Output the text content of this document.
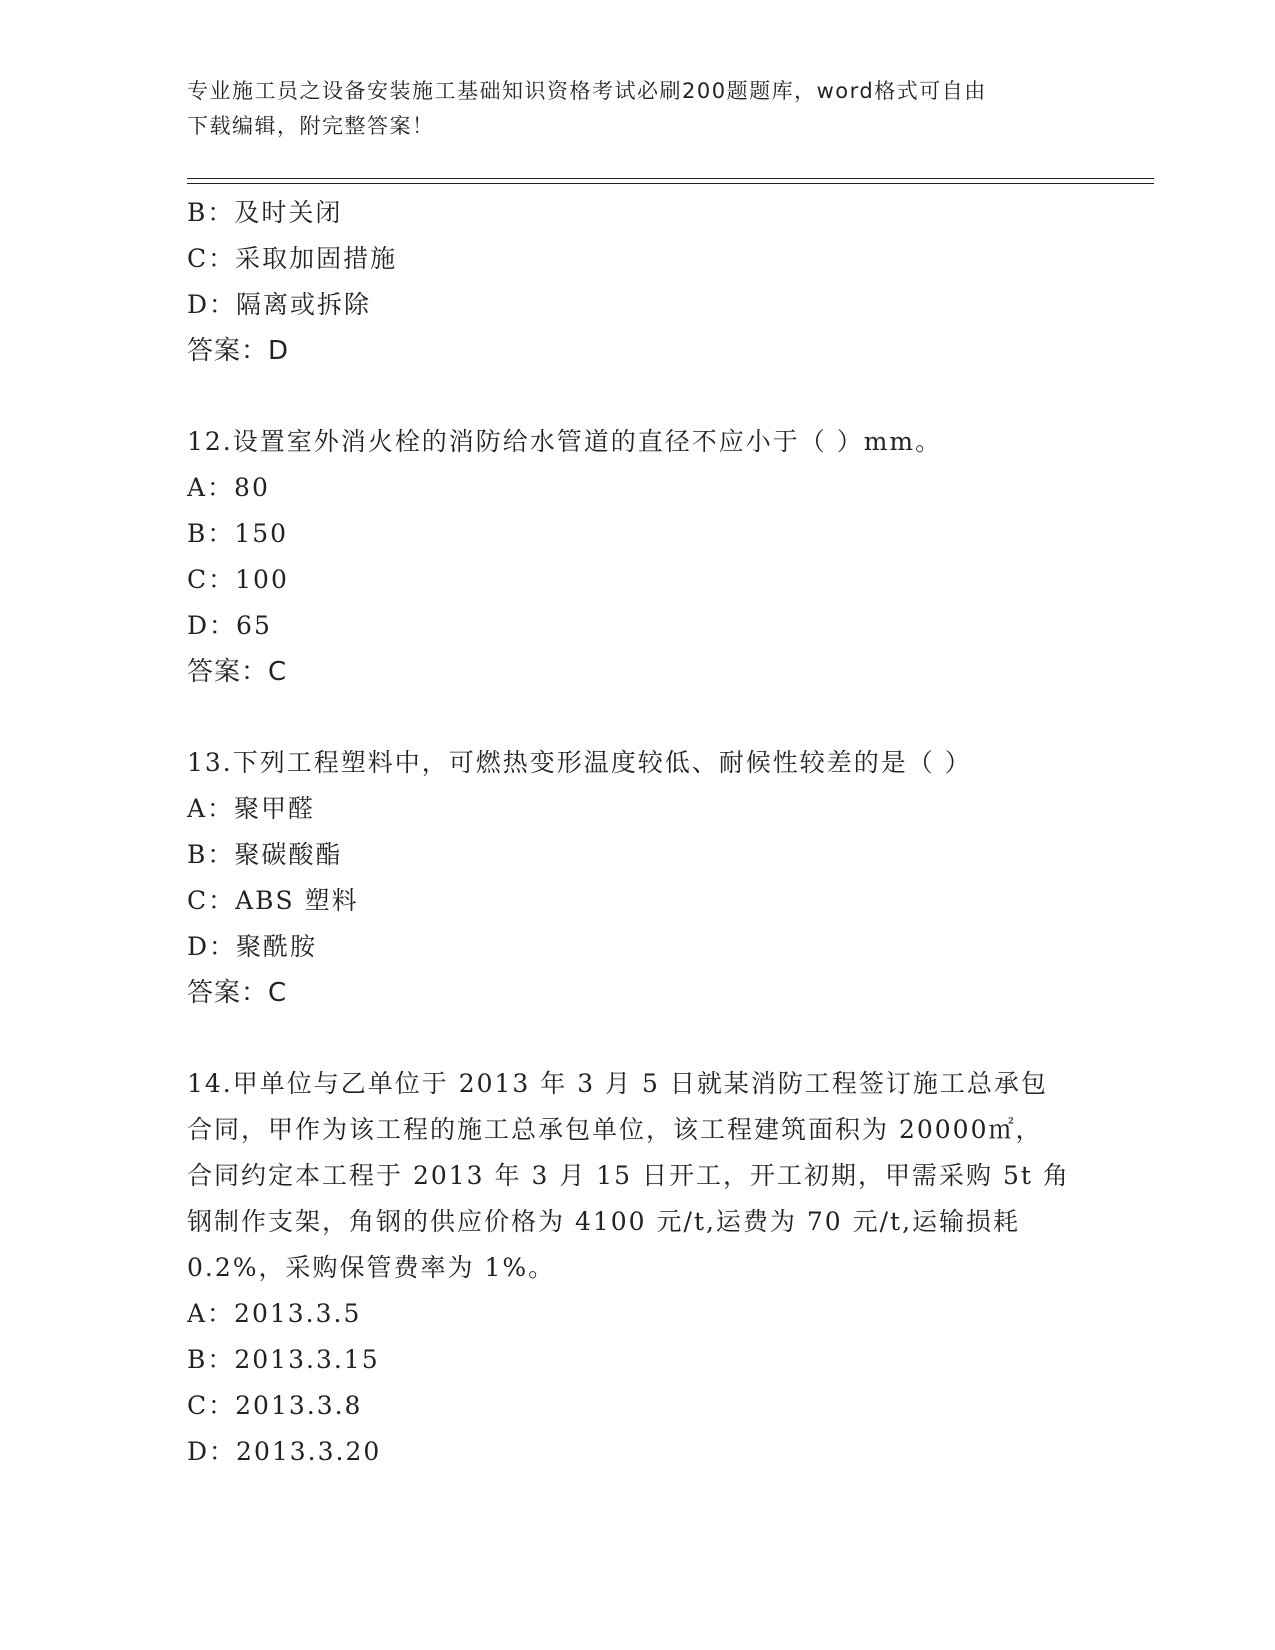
专业施工员之设备安装施工基础知识资格考试必刷200题题库，word格式可自由
下载编辑，附完整答案！
B：及时关闭
C：采取加固措施
D：隔离或拆除
答案：D
12.设置室外消火栓的消防给水管道的直径不应小于（ ）mm。
A：80
B：150
C：100
D：65
答案：C
13.下列工程塑料中，可燃热变形温度较低、耐候性较差的是（ ）
A：聚甲醛
B：聚碳酸酯
C：ABS 塑料
D：聚酰胺
答案：C
14.甲单位与乙单位于 2013 年 3 月 5 日就某消防工程签订施工总承包
合同，甲作为该工程的施工总承包单位，该工程建筑面积为 20000㎡，
合同约定本工程于 2013 年 3 月 15 日开工，开工初期，甲需采购 5t 角
钢制作支架，角钢的供应价格为 4100 元/t,运费为 70 元/t,运输损耗
0.2%，采购保管费率为 1%。
A：2013.3.5
B：2013.3.15
C：2013.3.8
D：2013.3.20
